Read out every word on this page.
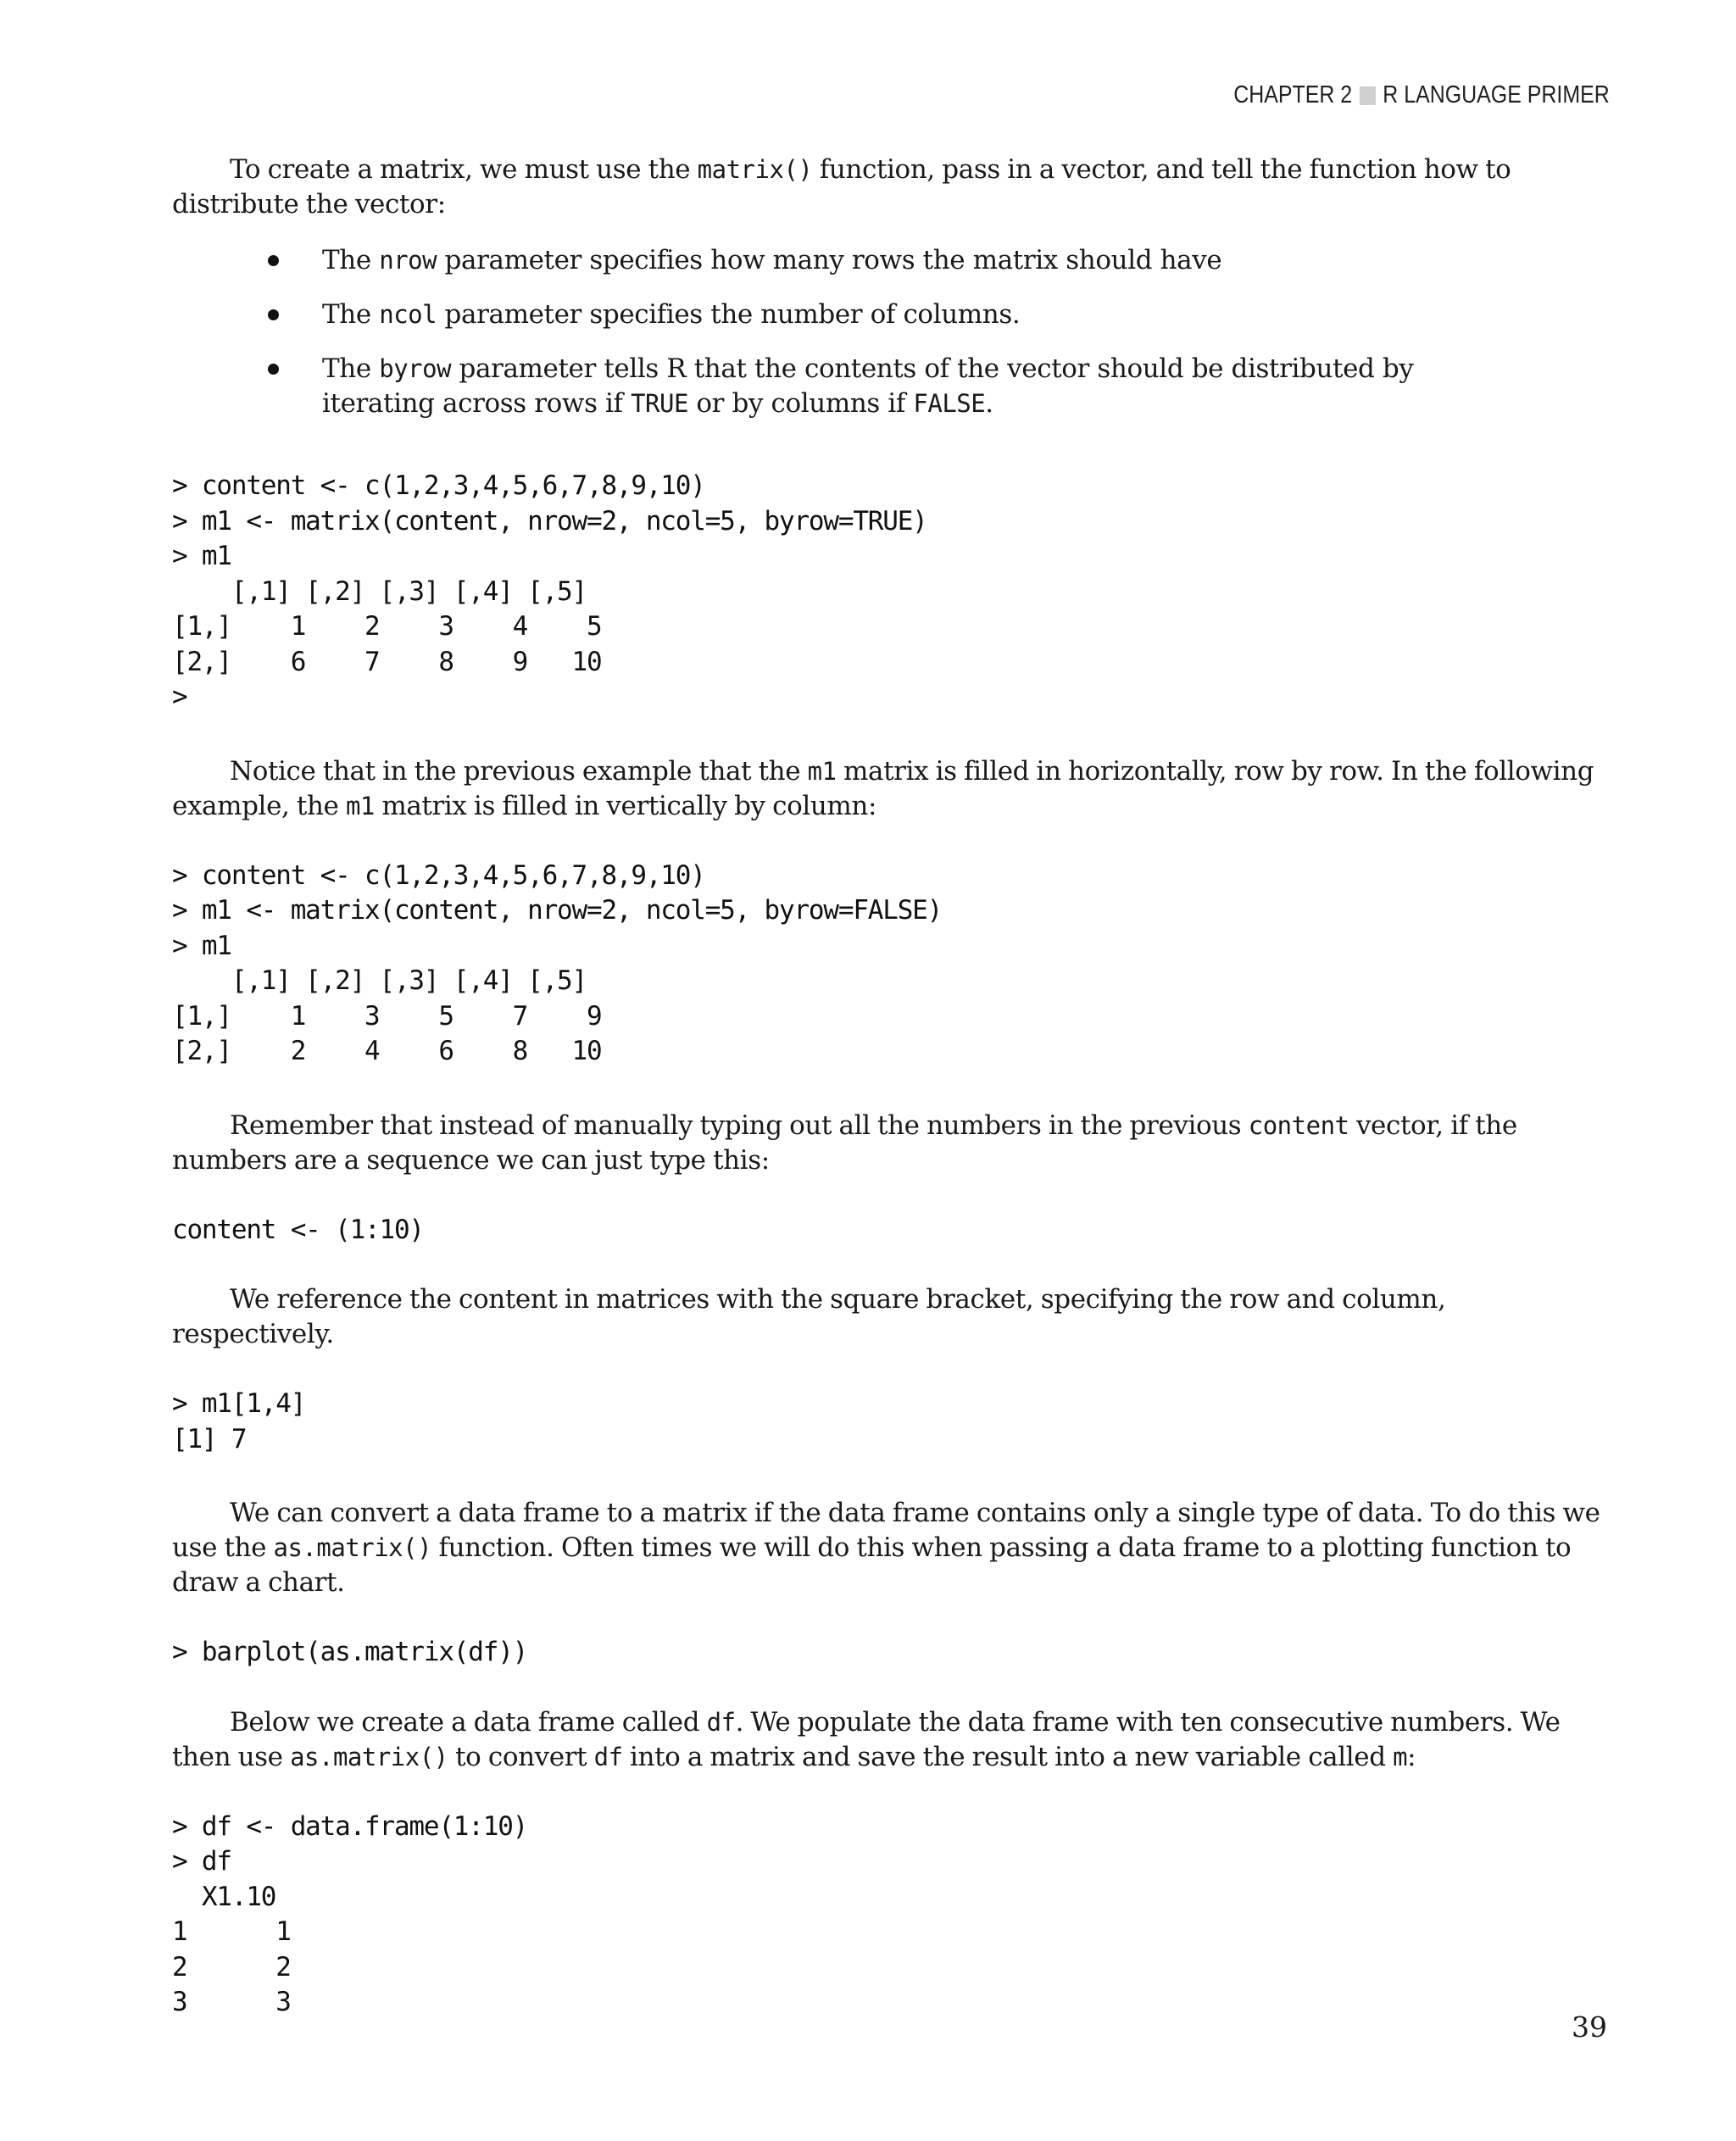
CHAPTER 2 R LANGUAGE PRIMER

To create a matrix, we must use the matrix() function, pass in a vector, and tell the function how to distribute the vector:

The nrow parameter specifies how many rows the matrix should have
The ncol parameter specifies the number of columns.
The byrow parameter tells R that the contents of the vector should be distributed by iterating across rows if TRUE or by columns if FALSE.
> content <- c(1,2,3,4,5,6,7,8,9,10)
> m1 <- matrix(content, nrow=2, ncol=5, byrow=TRUE)
> m1
[,1] [,2] [,3] [,4] [,5]
[1,]    1    2    3    4    5
[2,]    6    7    8    9   10
>

Notice that in the previous example that the m1 matrix is filled in horizontally, row by row. In the following example, the m1 matrix is filled in vertically by column:

> content <- c(1,2,3,4,5,6,7,8,9,10)
> m1 <- matrix(content, nrow=2, ncol=5, byrow=FALSE)
> m1
[,1] [,2] [,3] [,4] [,5]
[1,]    1    3    5    7    9
[2,]    2    4    6    8   10

Remember that instead of manually typing out all the numbers in the previous content vector, if the numbers are a sequence we can just type this:

content <- (1:10)

We reference the content in matrices with the square bracket, specifying the row and column, respectively.

> m1[1,4]
[1] 7

We can convert a data frame to a matrix if the data frame contains only a single type of data. To do this we use the as.matrix() function. Often times we will do this when passing a data frame to a plotting function to draw a chart.

> barplot(as.matrix(df))

Below we create a data frame called df. We populate the data frame with ten consecutive numbers. We then use as.matrix() to convert df into a matrix and save the result into a new variable called m:

> df <- data.frame(1:10)
> df
X1.10
1      1
2      2
3      3
39
